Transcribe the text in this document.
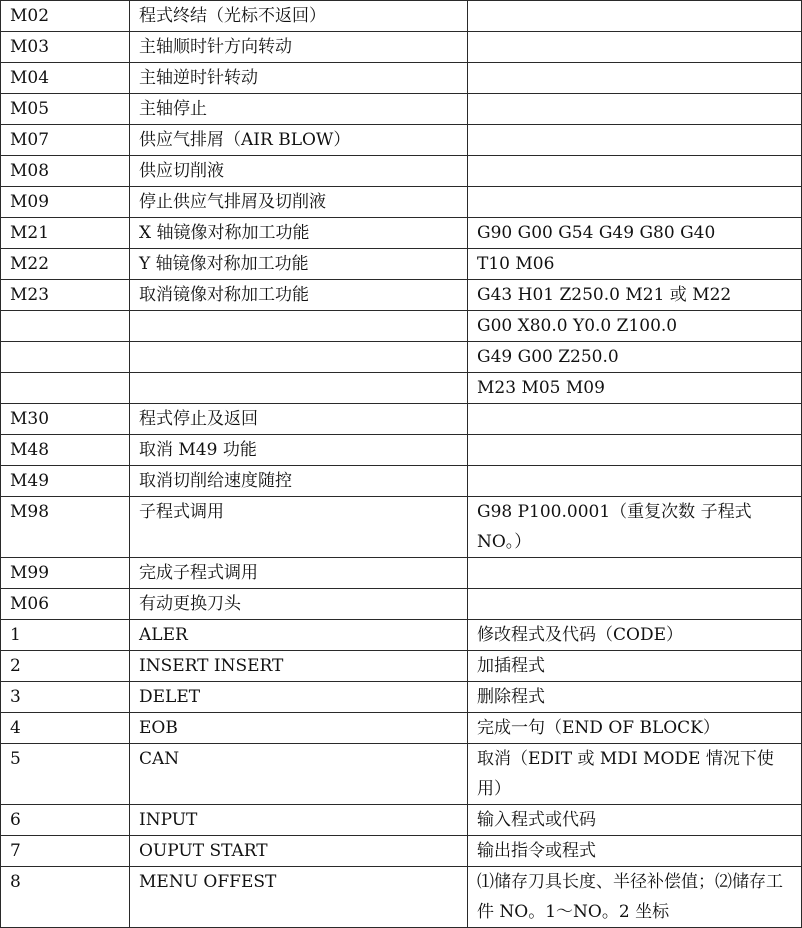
M02	程式终结（光标不返回）	
M03	主轴顺时针方向转动	
M04	主轴逆时针转动	
M05	主轴停止	
M07	供应气排屑（AIR BLOW）	
M08	供应切削液	
M09	停止供应气排屑及切削液	
M21	X 轴镜像对称加工功能	G90 G00 G54 G49 G80 G40
M22	Y 轴镜像对称加工功能	T10 M06
M23	取消镜像对称加工功能	G43 H01 Z250.0 M21 或 M22
		G00 X80.0 Y0.0 Z100.0
		G49 G00 Z250.0
		M23 M05 M09
M30	程式停止及返回	
M48	取消 M49 功能	
M49	取消切削给速度随控	
M98	子程式调用	G98 P100.0001（重复次数 子程式 NO。）
M99	完成子程式调用	
M06	有动更换刀头	
1	ALER	修改程式及代码（CODE）
2	INSERT INSERT	加插程式
3	DELET	删除程式
4	EOB	完成一句（END OF BLOCK）
5	CAN	取消（EDIT 或 MDI MODE 情况下使用）
6	INPUT	输入程式或代码
7	OUPUT START	输出指令或程式
8	MENU OFFEST	⑴储存刀具长度、半径补偿值；⑵储存工件 NO。1～NO。2 坐标
